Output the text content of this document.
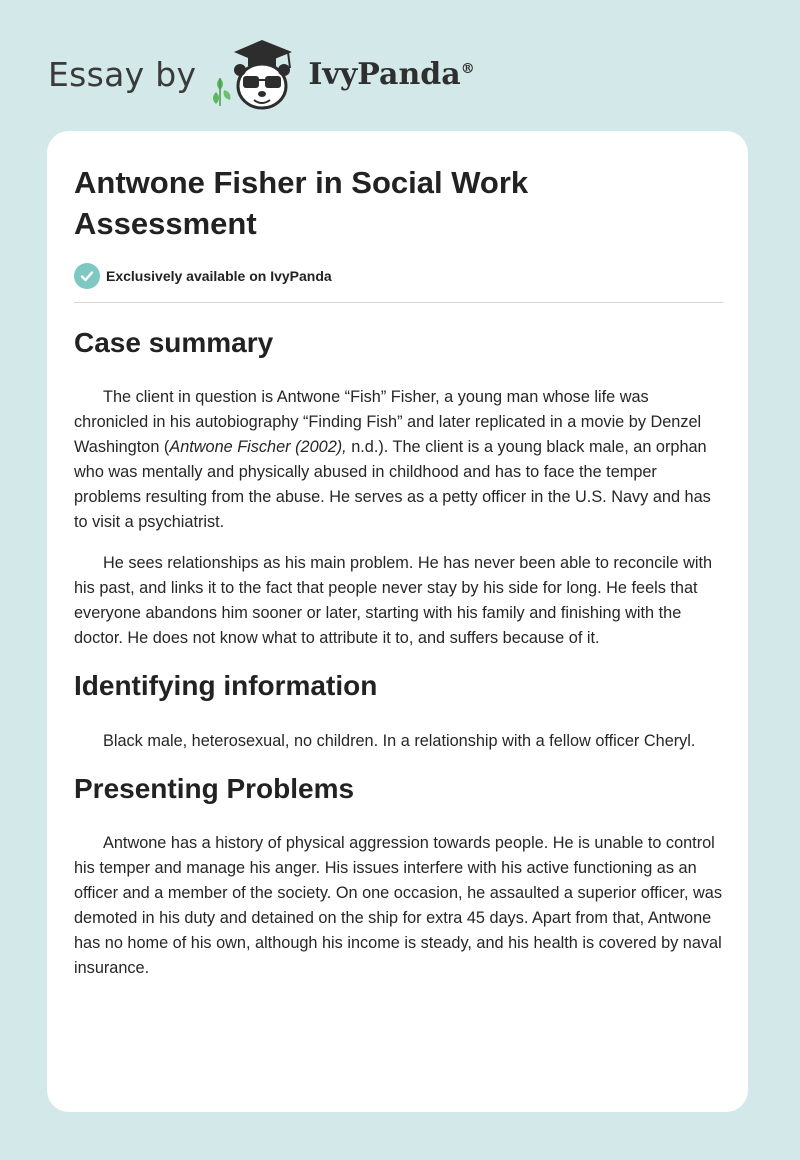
Essay by	IvyPanda®
Antwone Fisher in Social Work Assessment
Exclusively available on IvyPanda
Case summary

The client in question is Antwone “Fish” Fisher, a young man whose life was chronicled in his autobiography “Finding Fish” and later replicated in a movie by Denzel Washington (Antwone Fischer (2002), n.d.). The client is a young black male, an orphan who was mentally and physically abused in childhood and has to face the temper problems resulting from the abuse. He serves as a petty officer in the U.S. Navy and has to visit a psychiatrist.

He sees relationships as his main problem. He has never been able to reconcile with his past, and links it to the fact that people never stay by his side for long. He feels that everyone abandons him sooner or later, starting with his family and finishing with the doctor. He does not know what to attribute it to, and suffers because of it.

Identifying information

Black male, heterosexual, no children. In a relationship with a fellow officer Cheryl.

Presenting Problems

Antwone has a history of physical aggression towards people. He is unable to control his temper and manage his anger. His issues interfere with his active functioning as an officer and a member of the society. On one occasion, he assaulted a superior officer, was demoted in his duty and detained on the ship for extra 45 days. Apart from that, Antwone has no home of his own, although his income is steady, and his health is covered by naval insurance.
